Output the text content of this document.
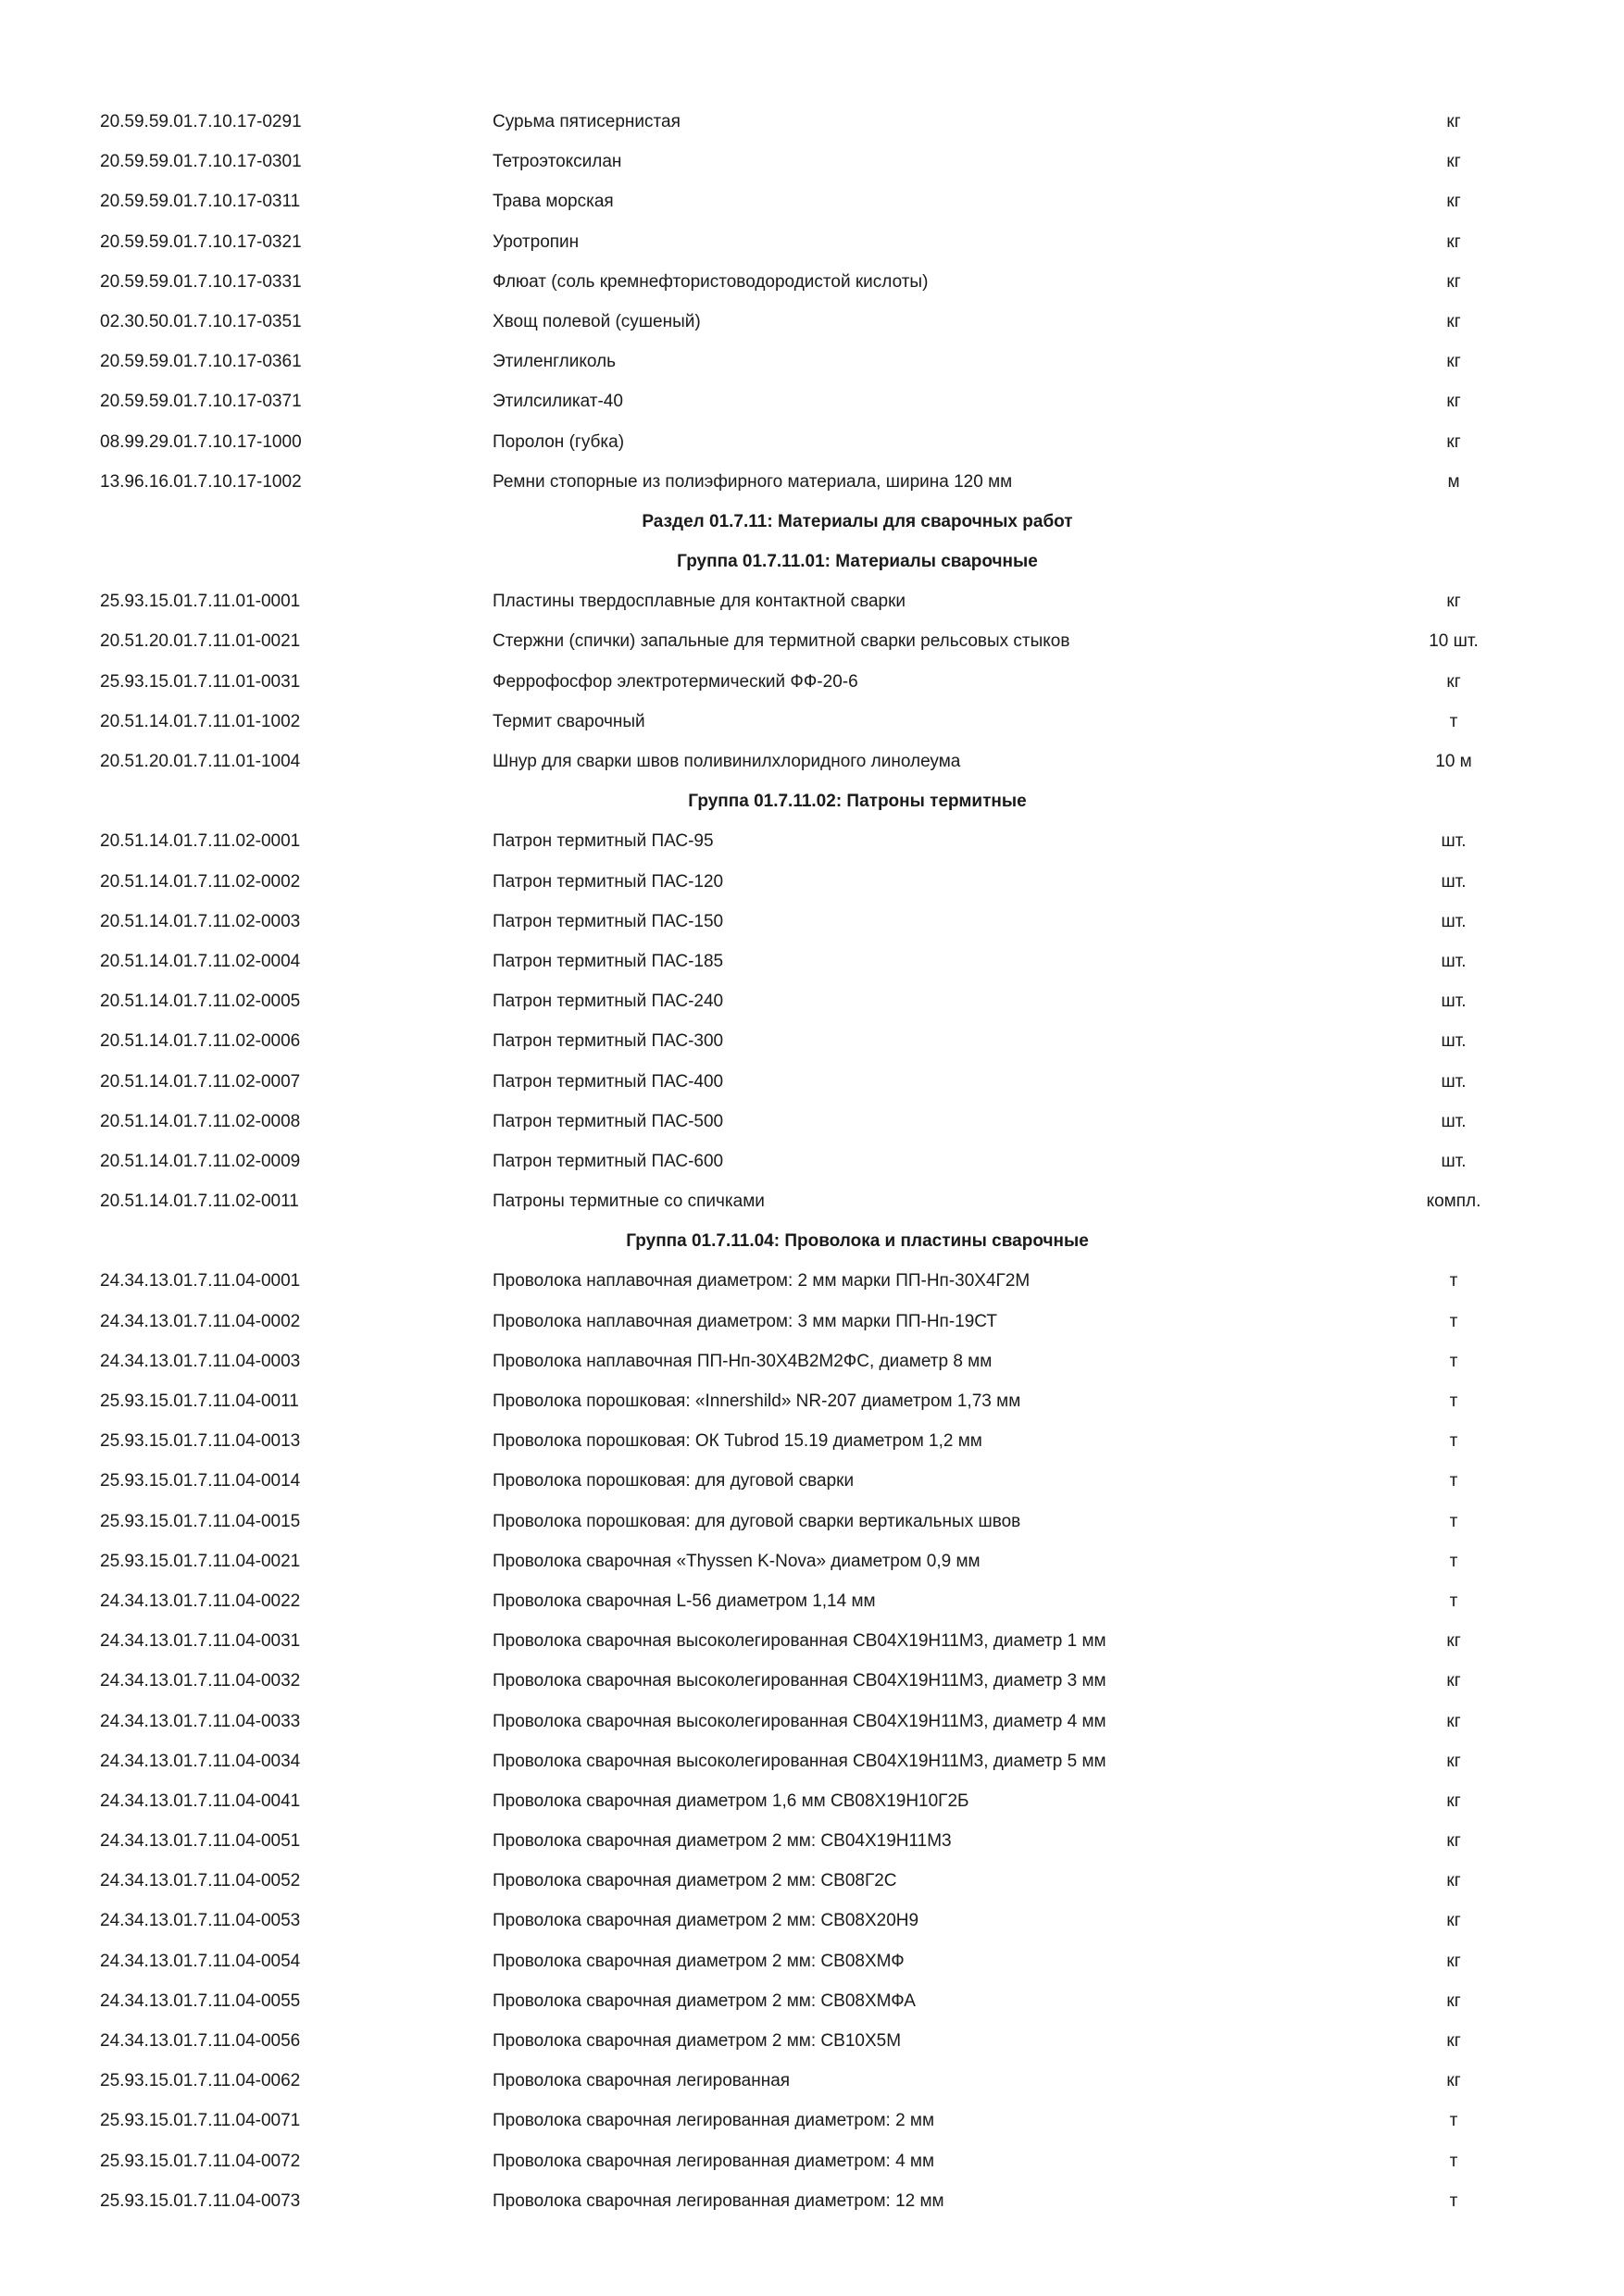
20.59.59.01.7.10.17-0291	Сурьма пятисернистая	кг
20.59.59.01.7.10.17-0301	Тетроэтоксилан	кг
20.59.59.01.7.10.17-0311	Трава морская	кг
20.59.59.01.7.10.17-0321	Уротропин	кг
20.59.59.01.7.10.17-0331	Флюат (соль кремнефтористоводородистой кислоты)	кг
02.30.50.01.7.10.17-0351	Хвощ полевой (сушеный)	кг
20.59.59.01.7.10.17-0361	Этиленгликоль	кг
20.59.59.01.7.10.17-0371	Этилсиликат-40	кг
08.99.29.01.7.10.17-1000	Поролон (губка)	кг
13.96.16.01.7.10.17-1002	Ремни стопорные из полиэфирного материала, ширина 120 мм	м
Раздел 01.7.11: Материалы для сварочных работ
Группа 01.7.11.01: Материалы сварочные
25.93.15.01.7.11.01-0001	Пластины твердосплавные для контактной сварки	кг
20.51.20.01.7.11.01-0021	Стержни (спички) запальные для термитной сварки рельсовых стыков	10 шт.
25.93.15.01.7.11.01-0031	Феррофосфор электротермический ФФ-20-6	кг
20.51.14.01.7.11.01-1002	Термит сварочный	т
20.51.20.01.7.11.01-1004	Шнур для сварки швов поливинилхлоридного линолеума	10 м
Группа 01.7.11.02: Патроны термитные
20.51.14.01.7.11.02-0001	Патрон термитный ПАС-95	шт.
20.51.14.01.7.11.02-0002	Патрон термитный ПАС-120	шт.
20.51.14.01.7.11.02-0003	Патрон термитный ПАС-150	шт.
20.51.14.01.7.11.02-0004	Патрон термитный ПАС-185	шт.
20.51.14.01.7.11.02-0005	Патрон термитный ПАС-240	шт.
20.51.14.01.7.11.02-0006	Патрон термитный ПАС-300	шт.
20.51.14.01.7.11.02-0007	Патрон термитный ПАС-400	шт.
20.51.14.01.7.11.02-0008	Патрон термитный ПАС-500	шт.
20.51.14.01.7.11.02-0009	Патрон термитный ПАС-600	шт.
20.51.14.01.7.11.02-0011	Патроны термитные со спичками	компл.
Группа 01.7.11.04: Проволока и пластины сварочные
24.34.13.01.7.11.04-0001	Проволока наплавочная диаметром: 2 мм марки ПП-Нп-30Х4Г2М	т
24.34.13.01.7.11.04-0002	Проволока наплавочная диаметром: 3 мм марки ПП-Нп-19СТ	т
24.34.13.01.7.11.04-0003	Проволока наплавочная ПП-Нп-30Х4В2М2ФС, диаметр 8 мм	т
25.93.15.01.7.11.04-0011	Проволока порошковая: «Innershild» NR-207 диаметром 1,73 мм	т
25.93.15.01.7.11.04-0013	Проволока порошковая: ОК Tubrod 15.19 диаметром 1,2 мм	т
25.93.15.01.7.11.04-0014	Проволока порошковая: для дуговой сварки	т
25.93.15.01.7.11.04-0015	Проволока порошковая: для дуговой сварки вертикальных швов	т
25.93.15.01.7.11.04-0021	Проволока сварочная «Thyssen K-Nova» диаметром 0,9 мм	т
24.34.13.01.7.11.04-0022	Проволока сварочная L-56 диаметром 1,14 мм	т
24.34.13.01.7.11.04-0031	Проволока сварочная высоколегированная СВ04Х19Н11М3, диаметр 1 мм	кг
24.34.13.01.7.11.04-0032	Проволока сварочная высоколегированная СВ04Х19Н11М3, диаметр 3 мм	кг
24.34.13.01.7.11.04-0033	Проволока сварочная высоколегированная СВ04Х19Н11М3, диаметр 4 мм	кг
24.34.13.01.7.11.04-0034	Проволока сварочная высоколегированная СВ04Х19Н11М3, диаметр 5 мм	кг
24.34.13.01.7.11.04-0041	Проволока сварочная диаметром 1,6 мм СВ08Х19Н10Г2Б	кг
24.34.13.01.7.11.04-0051	Проволока сварочная диаметром 2 мм: СВ04Х19Н11М3	кг
24.34.13.01.7.11.04-0052	Проволока сварочная диаметром 2 мм: СВ08Г2С	кг
24.34.13.01.7.11.04-0053	Проволока сварочная диаметром 2 мм: СВ08Х20Н9	кг
24.34.13.01.7.11.04-0054	Проволока сварочная диаметром 2 мм: СВ08ХМФ	кг
24.34.13.01.7.11.04-0055	Проволока сварочная диаметром 2 мм: СВ08ХМФА	кг
24.34.13.01.7.11.04-0056	Проволока сварочная диаметром 2 мм: СВ10Х5М	кг
25.93.15.01.7.11.04-0062	Проволока сварочная легированная	кг
25.93.15.01.7.11.04-0071	Проволока сварочная легированная диаметром: 2 мм	т
25.93.15.01.7.11.04-0072	Проволока сварочная легированная диаметром: 4 мм	т
25.93.15.01.7.11.04-0073	Проволока сварочная легированная диаметром: 12 мм	т
